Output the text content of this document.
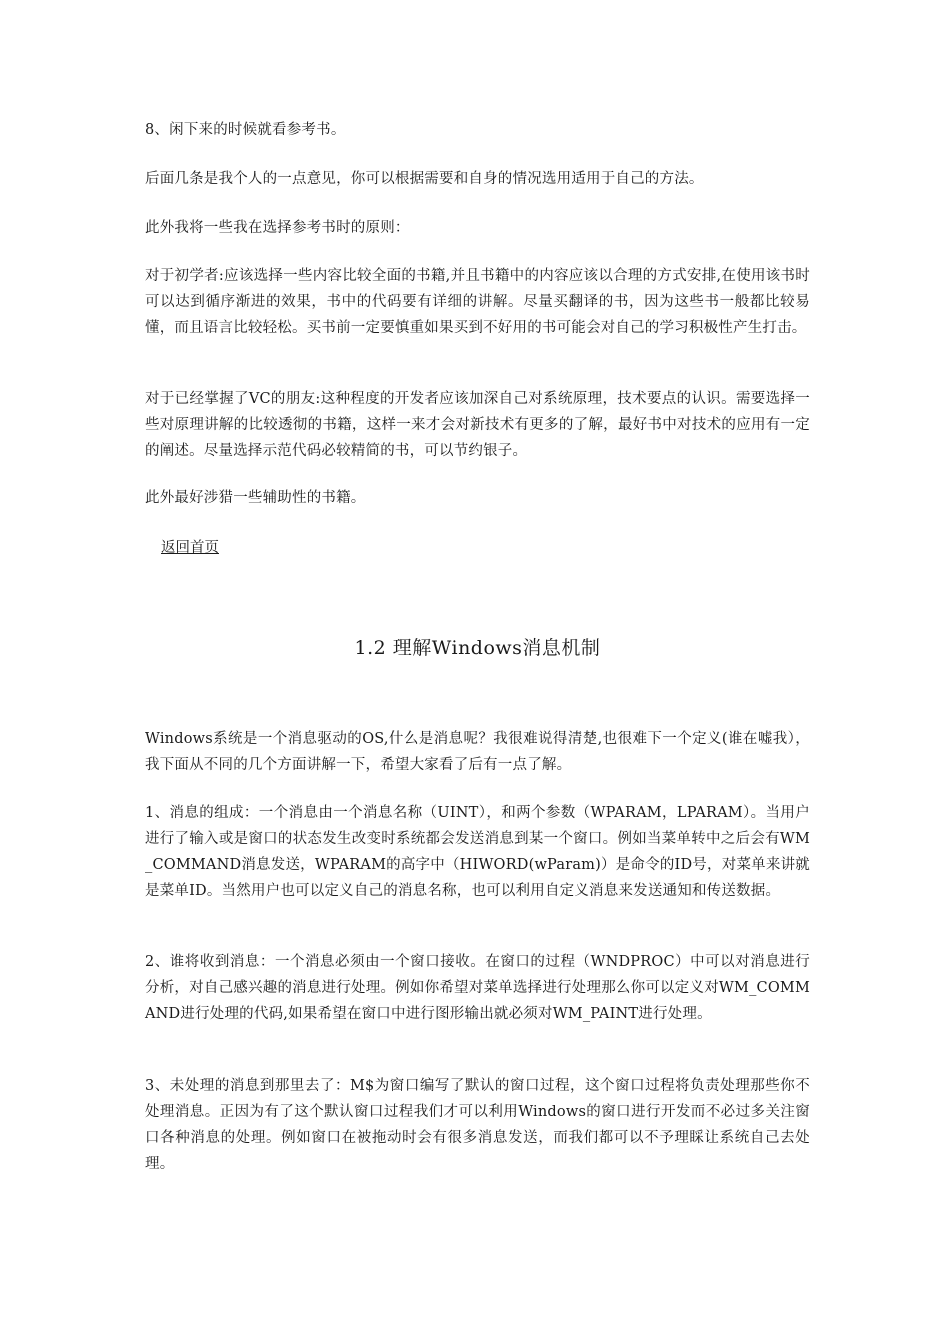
8、闲下来的时候就看参考书。

后面几条是我个人的一点意见，你可以根据需要和自身的情况选用适用于自己的方法。

此外我将一些我在选择参考书时的原则：

对于初学者:应该选择一些内容比较全面的书籍,并且书籍中的内容应该以合理的方式安排,在使用该书时可以达到循序渐进的效果，书中的代码要有详细的讲解。尽量买翻译的书，因为这些书一般都比较易懂，而且语言比较轻松。买书前一定要慎重如果买到不好用的书可能会对自己的学习积极性产生打击。

对于已经掌握了VC的朋友:这种程度的开发者应该加深自己对系统原理，技术要点的认识。需要选择一些对原理讲解的比较透彻的书籍，这样一来才会对新技术有更多的了解，最好书中对技术的应用有一定的阐述。尽量选择示范代码必较精简的书，可以节约银子。

此外最好涉猎一些辅助性的书籍。

返回首页
1.2 理解Windows消息机制

Windows系统是一个消息驱动的OS,什么是消息呢？我很难说得清楚,也很难下一个定义(谁在嘘我），我下面从不同的几个方面讲解一下，希望大家看了后有一点了解。

1、消息的组成：一个消息由一个消息名称（UINT），和两个参数（WPARAM，LPARAM）。当用户进行了输入或是窗口的状态发生改变时系统都会发送消息到某一个窗口。例如当菜单转中之后会有WM_COMMAND消息发送，WPARAM的高字中（HIWORD(wParam)）是命令的ID号，对菜单来讲就是菜单ID。当然用户也可以定义自己的消息名称，也可以利用自定义消息来发送通知和传送数据。

2、谁将收到消息：一个消息必须由一个窗口接收。在窗口的过程（WNDPROC）中可以对消息进行分析，对自己感兴趣的消息进行处理。例如你希望对菜单选择进行处理那么你可以定义对WM_COMMAND进行处理的代码,如果希望在窗口中进行图形输出就必须对WM_PAINT进行处理。

3、未处理的消息到那里去了：M$为窗口编写了默认的窗口过程，这个窗口过程将负责处理那些你不处理消息。正因为有了这个默认窗口过程我们才可以利用Windows的窗口进行开发而不必过多关注窗口各种消息的处理。例如窗口在被拖动时会有很多消息发送，而我们都可以不予理睬让系统自己去处理。
